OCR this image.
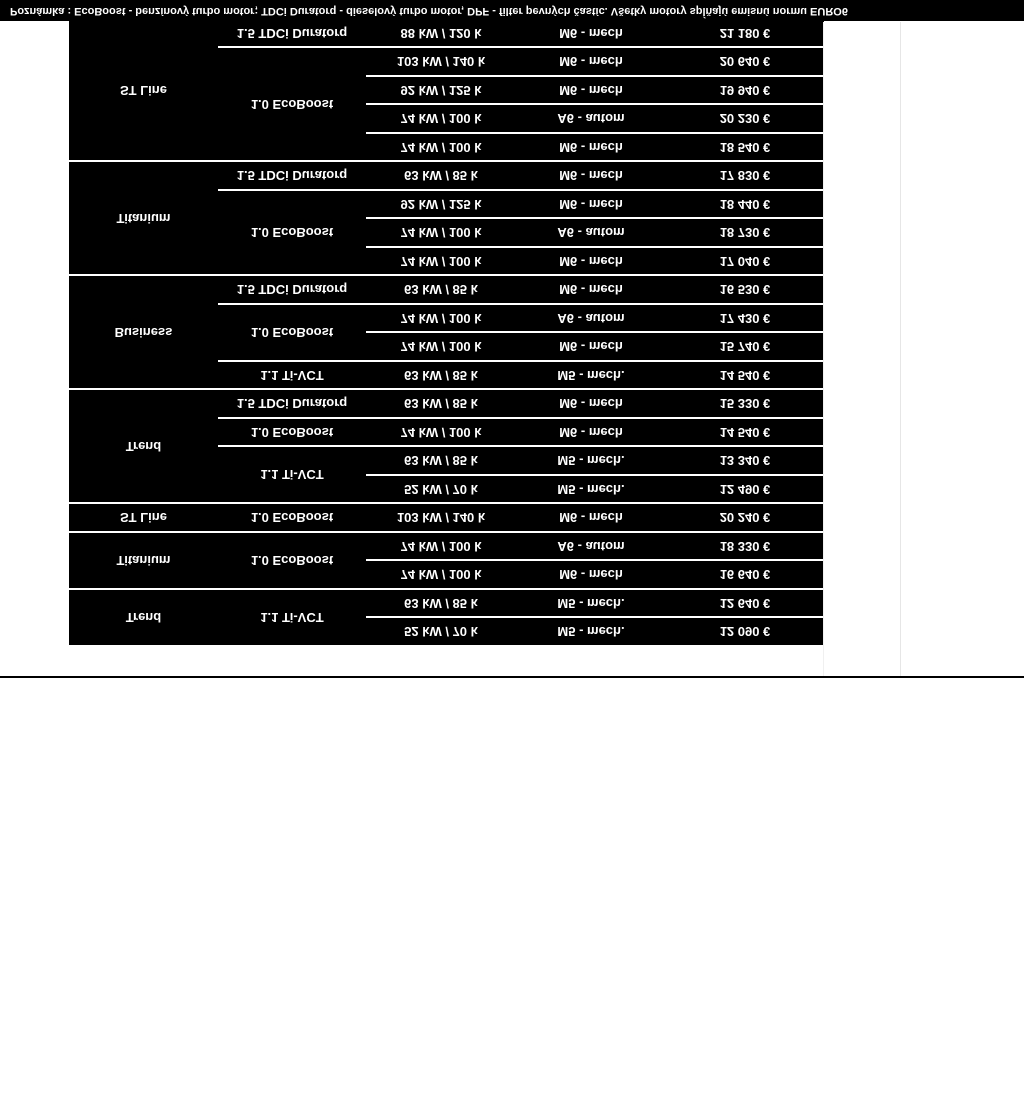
Poznámka : EcoBoost - benzínový turbo motor; TDCi Duratorq - dieselový turbo motor, DPF - filter pevných častíc. Všetky motory spĺňajú emisnú normu EURO6
Trend	1.1 Ti-VCT	52 kW / 70 k	M5 - mech.	12 090 €
		63 kW / 85 k	M5 - mech.	12 640 €
Titanium	1.0 EcoBoost	74 kW / 100 k	M6 - mech	16 640 €
		74 kW / 100 k	A6 - autom	18 330 €
ST Line	1.0 EcoBoost	103 kW / 140 k	M6 - mech	20 240 €
Trend	1.1 Ti-VCT	52 kW / 70 k	M5 - mech.	12 490 €
		63 kW / 85 k	M5 - mech.	13 340 €
	1.0 EcoBoost	74 kW / 100 k	M6 - mech	14 540 €
	1.5 TDCi Duratorq	63 kW / 85 k	M6 - mech	15 330 €
Business	1.1 Ti-VCT	63 kW / 85 k	M5 - mech.	14 540 €
	1.0 EcoBoost	74 kW / 100 k	M6 - mech	15 740 €
		74 kW / 100 k	A6 - autom	17 430 €
	1.5 TDCi Duratorq	63 kW / 85 k	M6 - mech	16 530 €
Titanium	1.0 EcoBoost	74 kW / 100 k	M6 - mech	17 040 €
		74 kW / 100 k	A6 - autom	18 730 €
		92 kW / 125 k	M6 - mech	18 440 €
	1.5 TDCi Duratorq	63 kW / 85 k	M6 - mech	17 830 €
ST Line	1.0 EcoBoost	74 kW / 100 k	M6 - mech	18 540 €
		74 kW / 100 k	A6 - autom	20 230 €
		92 kW / 125 k	M6 - mech	19 940 €
		103 kW / 140 k	M6 - mech	20 640 €
	1.5 TDCi Duratorq	88 kW / 120 k	M6 - mech	21 180 €
